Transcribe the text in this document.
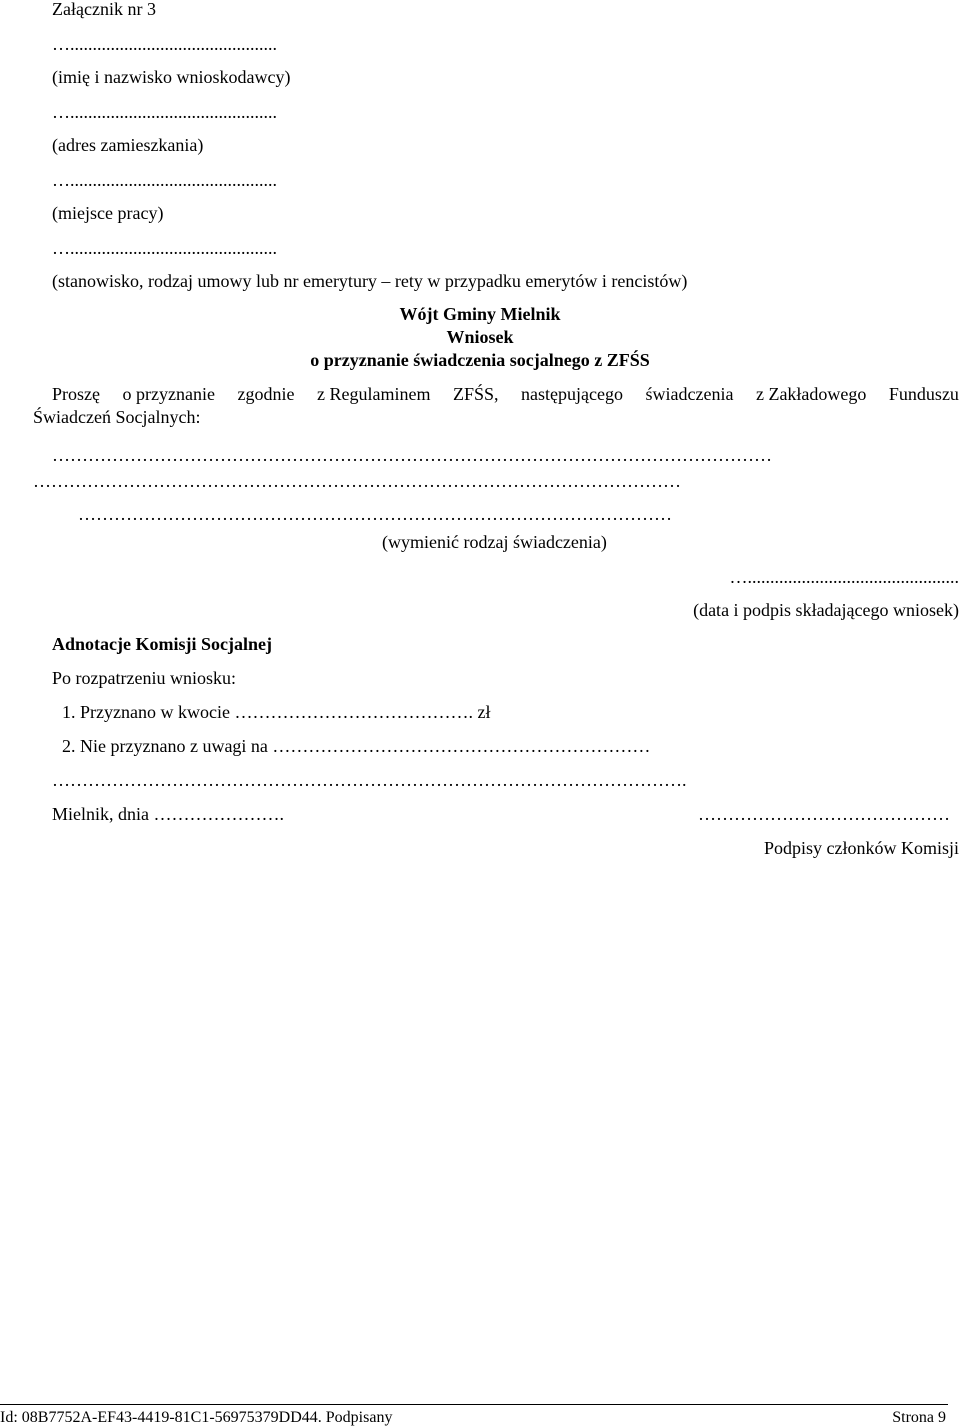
Załącznik nr 3
…..............................................
(imię i nazwisko wnioskodawcy)
…..............................................
(adres zamieszkania)
…..............................................
(miejsce pracy)
…..............................................
(stanowisko, rodzaj umowy lub nr emerytury – rety w przypadku emerytów i rencistów)
Wójt Gminy Mielnik
Wniosek
o przyznanie świadczenia socjalnego z ZFŚS
Proszę o przyznanie zgodnie z Regulaminem ZFŚS, następującego świadczenia z Zakładowego Funduszu
Świadczeń Socjalnych:
…………………………………………………………………………………………………………
………………………………………………………………………………………………
………………………………………………………………………………………
(wymienić rodzaj świadczenia)
…...............................................
(data i podpis składającego wniosek)
Adnotacje Komisji Socjalnej
Po rozpatrzeniu wniosku:
1. Przyznano w kwocie …………………………………. zł
2. Nie przyznano z uwagi na ………………………………………………………
…………………………………………………………………………………………….
Mielnik, dnia ………………….	……………………………………
Podpisy członków Komisji
Id: 08B7752A-EF43-4419-81C1-56975379DD44. Podpisany	Strona 9
